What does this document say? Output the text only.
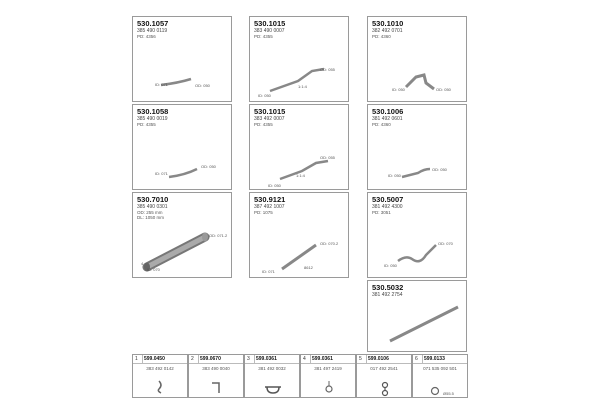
530.1057
385 490 0119
PD: 4356
ID: 071	OD: 050
530.1015
383 490 0007
PD: 4355
OD: 055
1:1:4
ID: 050
530.1010
382 492 0701
PD: 4360
ID: 050	OD: 050
530.1058
385 490 0019
PD: 4355
ID: 071
OD: 050
530.1015
383 492 0007
PD: 4355
OD: 055
1:1:4
ID: 050
530.1006
381 492 0601
PD: 4360
ID: 050
OD: 050
530.7010
385 490 0301
OD: 255 mm
DL: 1050 mm
OD: 071.2
ID: 070
4
530.9121
387 492 1007
PD: 1075
ID: 071
OD: 070.2
8612
530.5007
381 492 4300
PD: 3051
OD: 070
ID: 050
530.5032
381 492 2754
1 599.0450
383 492 0142
2 599.0670
383 490 0040
3 599.0361
381 492 0032
4 599.0361
381 497 2419
5 599.0106
017 492 2541
6 599.0133
071 535 092 501
Ø55.5
